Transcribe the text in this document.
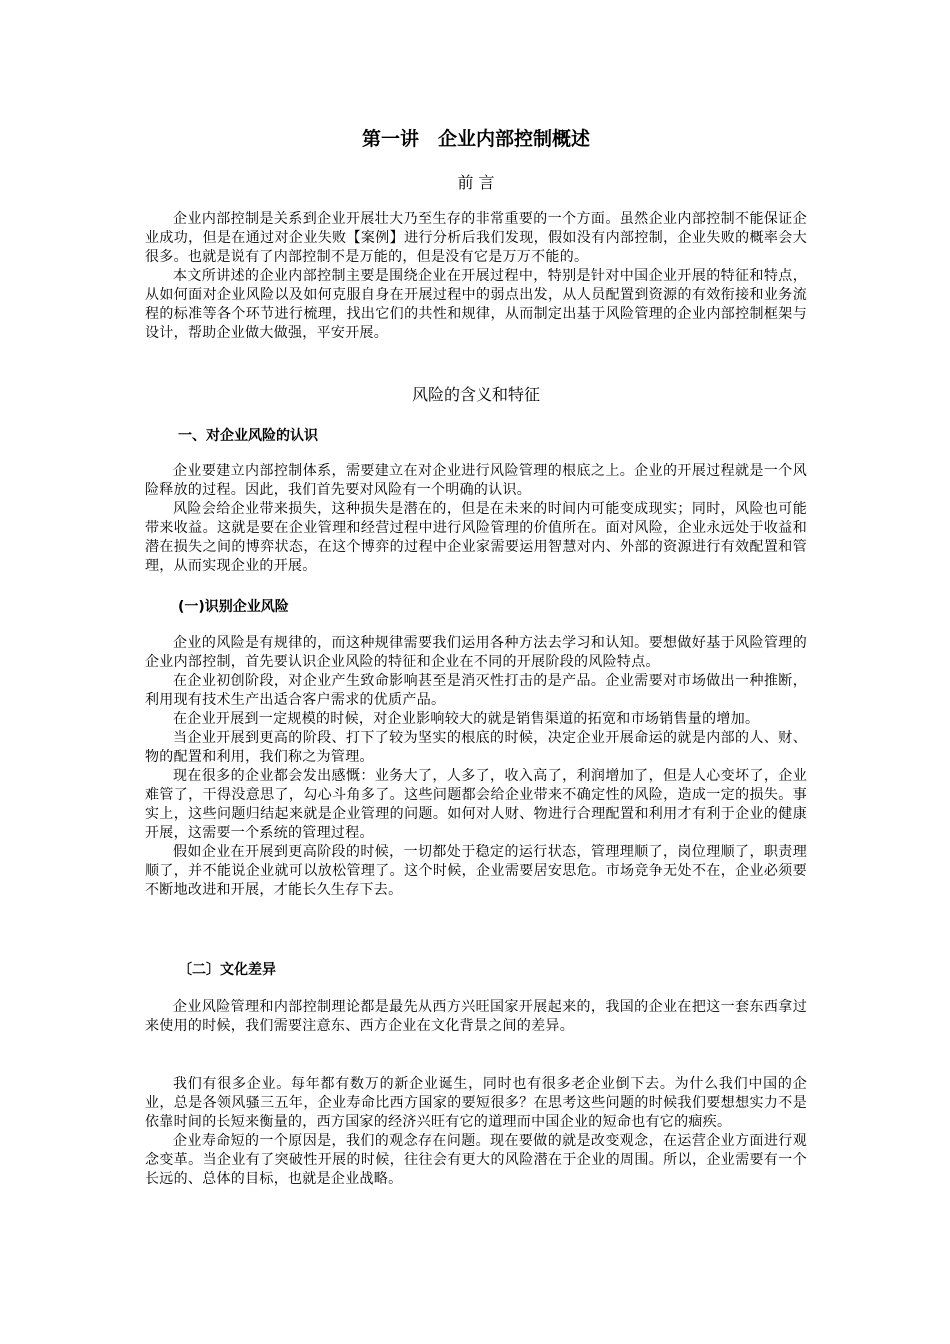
第一讲　企业内部控制概述
前 言

企业内部控制是关系到企业开展壮大乃至生存的非常重要的一个方面。虽然企业内部控制不能保证企业成功，但是在通过对企业失败【案例】进行分析后我们发现，假如没有内部控制，企业失败的概率会大很多。也就是说有了内部控制不是万能的，但是没有它是万万不能的。

本文所讲述的企业内部控制主要是围绕企业在开展过程中，特别是针对中国企业开展的特征和特点，从如何面对企业风险以及如何克服自身在开展过程中的弱点出发，从人员配置到资源的有效衔接和业务流程的标准等各个环节进行梳理，找出它们的共性和规律，从而制定出基于风险管理的企业内部控制框架与设计，帮助企业做大做强，平安开展。

风险的含义和特征
一、对企业风险的认识

企业要建立内部控制体系，需要建立在对企业进行风险管理的根底之上。企业的开展过程就是一个风险释放的过程。因此，我们首先要对风险有一个明确的认识。

风险会给企业带来损失，这种损失是潜在的，但是在未来的时间内可能变成现实；同时，风险也可能带来收益。这就是要在企业管理和经营过程中进行风险管理的价值所在。面对风险，企业永远处于收益和潜在损失之间的博弈状态，在这个博弈的过程中企业家需要运用智慧对内、外部的资源进行有效配置和管理，从而实现企业的开展。

(一)识别企业风险

企业的风险是有规律的，而这种规律需要我们运用各种方法去学习和认知。要想做好基于风险管理的企业内部控制，首先要认识企业风险的特征和企业在不同的开展阶段的风险特点。

在企业初创阶段，对企业产生致命影响甚至是消灭性打击的是产品。企业需要对市场做出一种推断，利用现有技术生产出适合客户需求的优质产品。

在企业开展到一定规模的时候，对企业影响较大的就是销售渠道的拓宽和市场销售量的增加。

当企业开展到更高的阶段、打下了较为坚实的根底的时候，决定企业开展命运的就是内部的人、财、物的配置和利用，我们称之为管理。

现在很多的企业都会发出感慨：业务大了，人多了，收入高了，利润增加了，但是人心变坏了，企业难管了，干得没意思了，勾心斗角多了。这些问题都会给企业带来不确定性的风险，造成一定的损失。事实上，这些问题归结起来就是企业管理的问题。如何对人财、物进行合理配置和利用才有利于企业的健康开展，这需要一个系统的管理过程。

假如企业在开展到更高阶段的时候，一切都处于稳定的运行状态，管理理顺了，岗位理顺了，职责理顺了，并不能说企业就可以放松管理了。这个时候，企业需要居安思危。市场竞争无处不在，企业必须要不断地改进和开展，才能长久生存下去。

〔二〕文化差异

企业风险管理和内部控制理论都是最先从西方兴旺国家开展起来的，我国的企业在把这一套东西拿过来使用的时候，我们需要注意东、西方企业在文化背景之间的差异。

我们有很多企业。每年都有数万的新企业诞生，同时也有很多老企业倒下去。为什么我们中国的企业，总是各领风骚三五年，企业寿命比西方国家的要短很多？在思考这些问题的时候我们要想想实力不是依靠时间的长短来衡量的，西方国家的经济兴旺有它的道理而中国企业的短命也有它的痼疾。

企业寿命短的一个原因是，我们的观念存在问题。现在要做的就是改变观念，在运营企业方面进行观念变革。当企业有了突破性开展的时候，往往会有更大的风险潜在于企业的周围。所以，企业需要有一个长远的、总体的目标，也就是企业战略。
